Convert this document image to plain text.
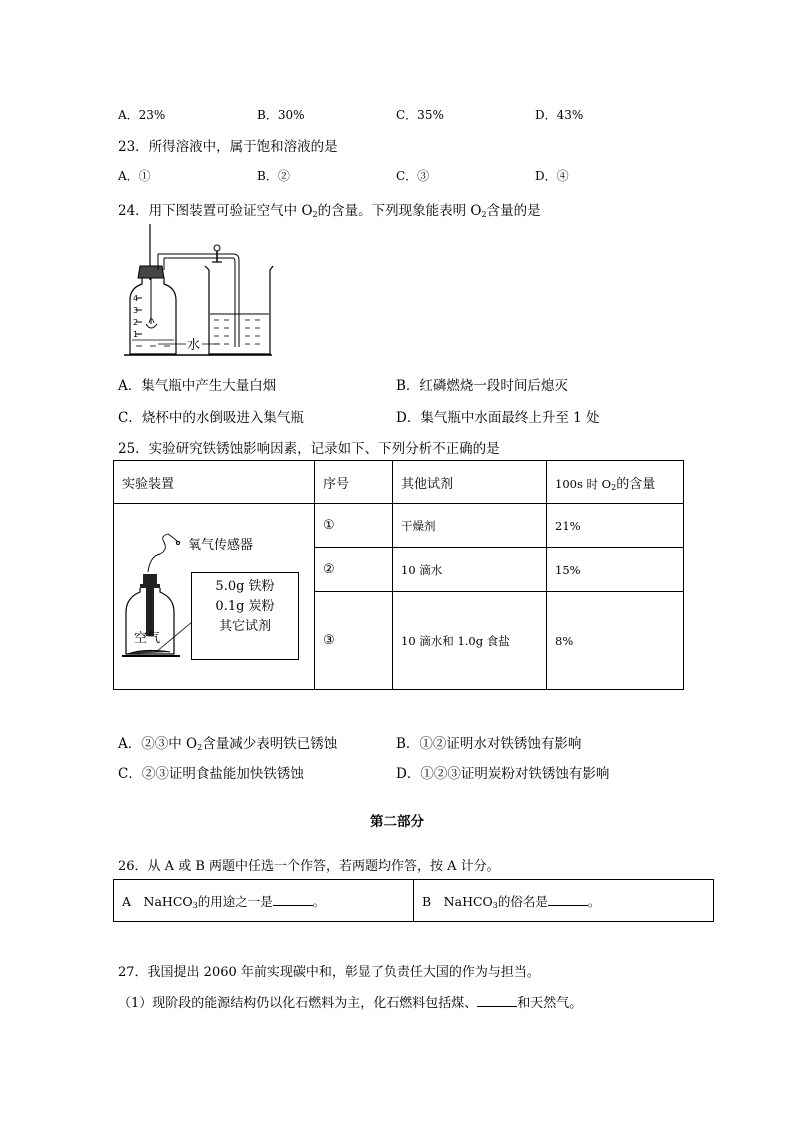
A．23%	B．30%	C．35%	D．43%
23．所得溶液中，属于饱和溶液的是
A．①	B．②	C．③	D．④
24．用下图装置可验证空气中 $O_2$的含量。下列现象能表明 $O_2$含量的是
4
3
2
1
水
A．集气瓶中产生大量白烟	B．红磷燃烧一段时间后熄灭
C．烧杯中的水倒吸进入集气瓶	D．集气瓶中水面最终上升至 1 处
25．实验研究铁锈蚀影响因素，记录如下、下列分析不正确的是
实验装置	序号	其他试剂	100s 时 $O_2$的含量

氧气传感器
空气
5.0g 铁粉
0.1g 炭粉
其它试剂	①	干燥剂	21%
	②	10 滴水	15%
	③	10 滴水和 1.0g 食盐	8%
A．②③中 $O_2$含量减少表明铁已锈蚀	B．①②证明水对铁锈蚀有影响
C．②③证明食盐能加快铁锈蚀	D．①②③证明炭粉对铁锈蚀有影响
第二部分
26．从 A 或 B 两题中任选一个作答，若两题均作答，按 A 计分。
A　NaHCO$_3$的用途之一是	。	B　NaHCO$_3$的俗名是	。
27．我国提出 2060 年前实现碳中和，彰显了负责任大国的作为与担当。
（1）现阶段的能源结构仍以化石燃料为主，化石燃料包括煤、	和天然气。
